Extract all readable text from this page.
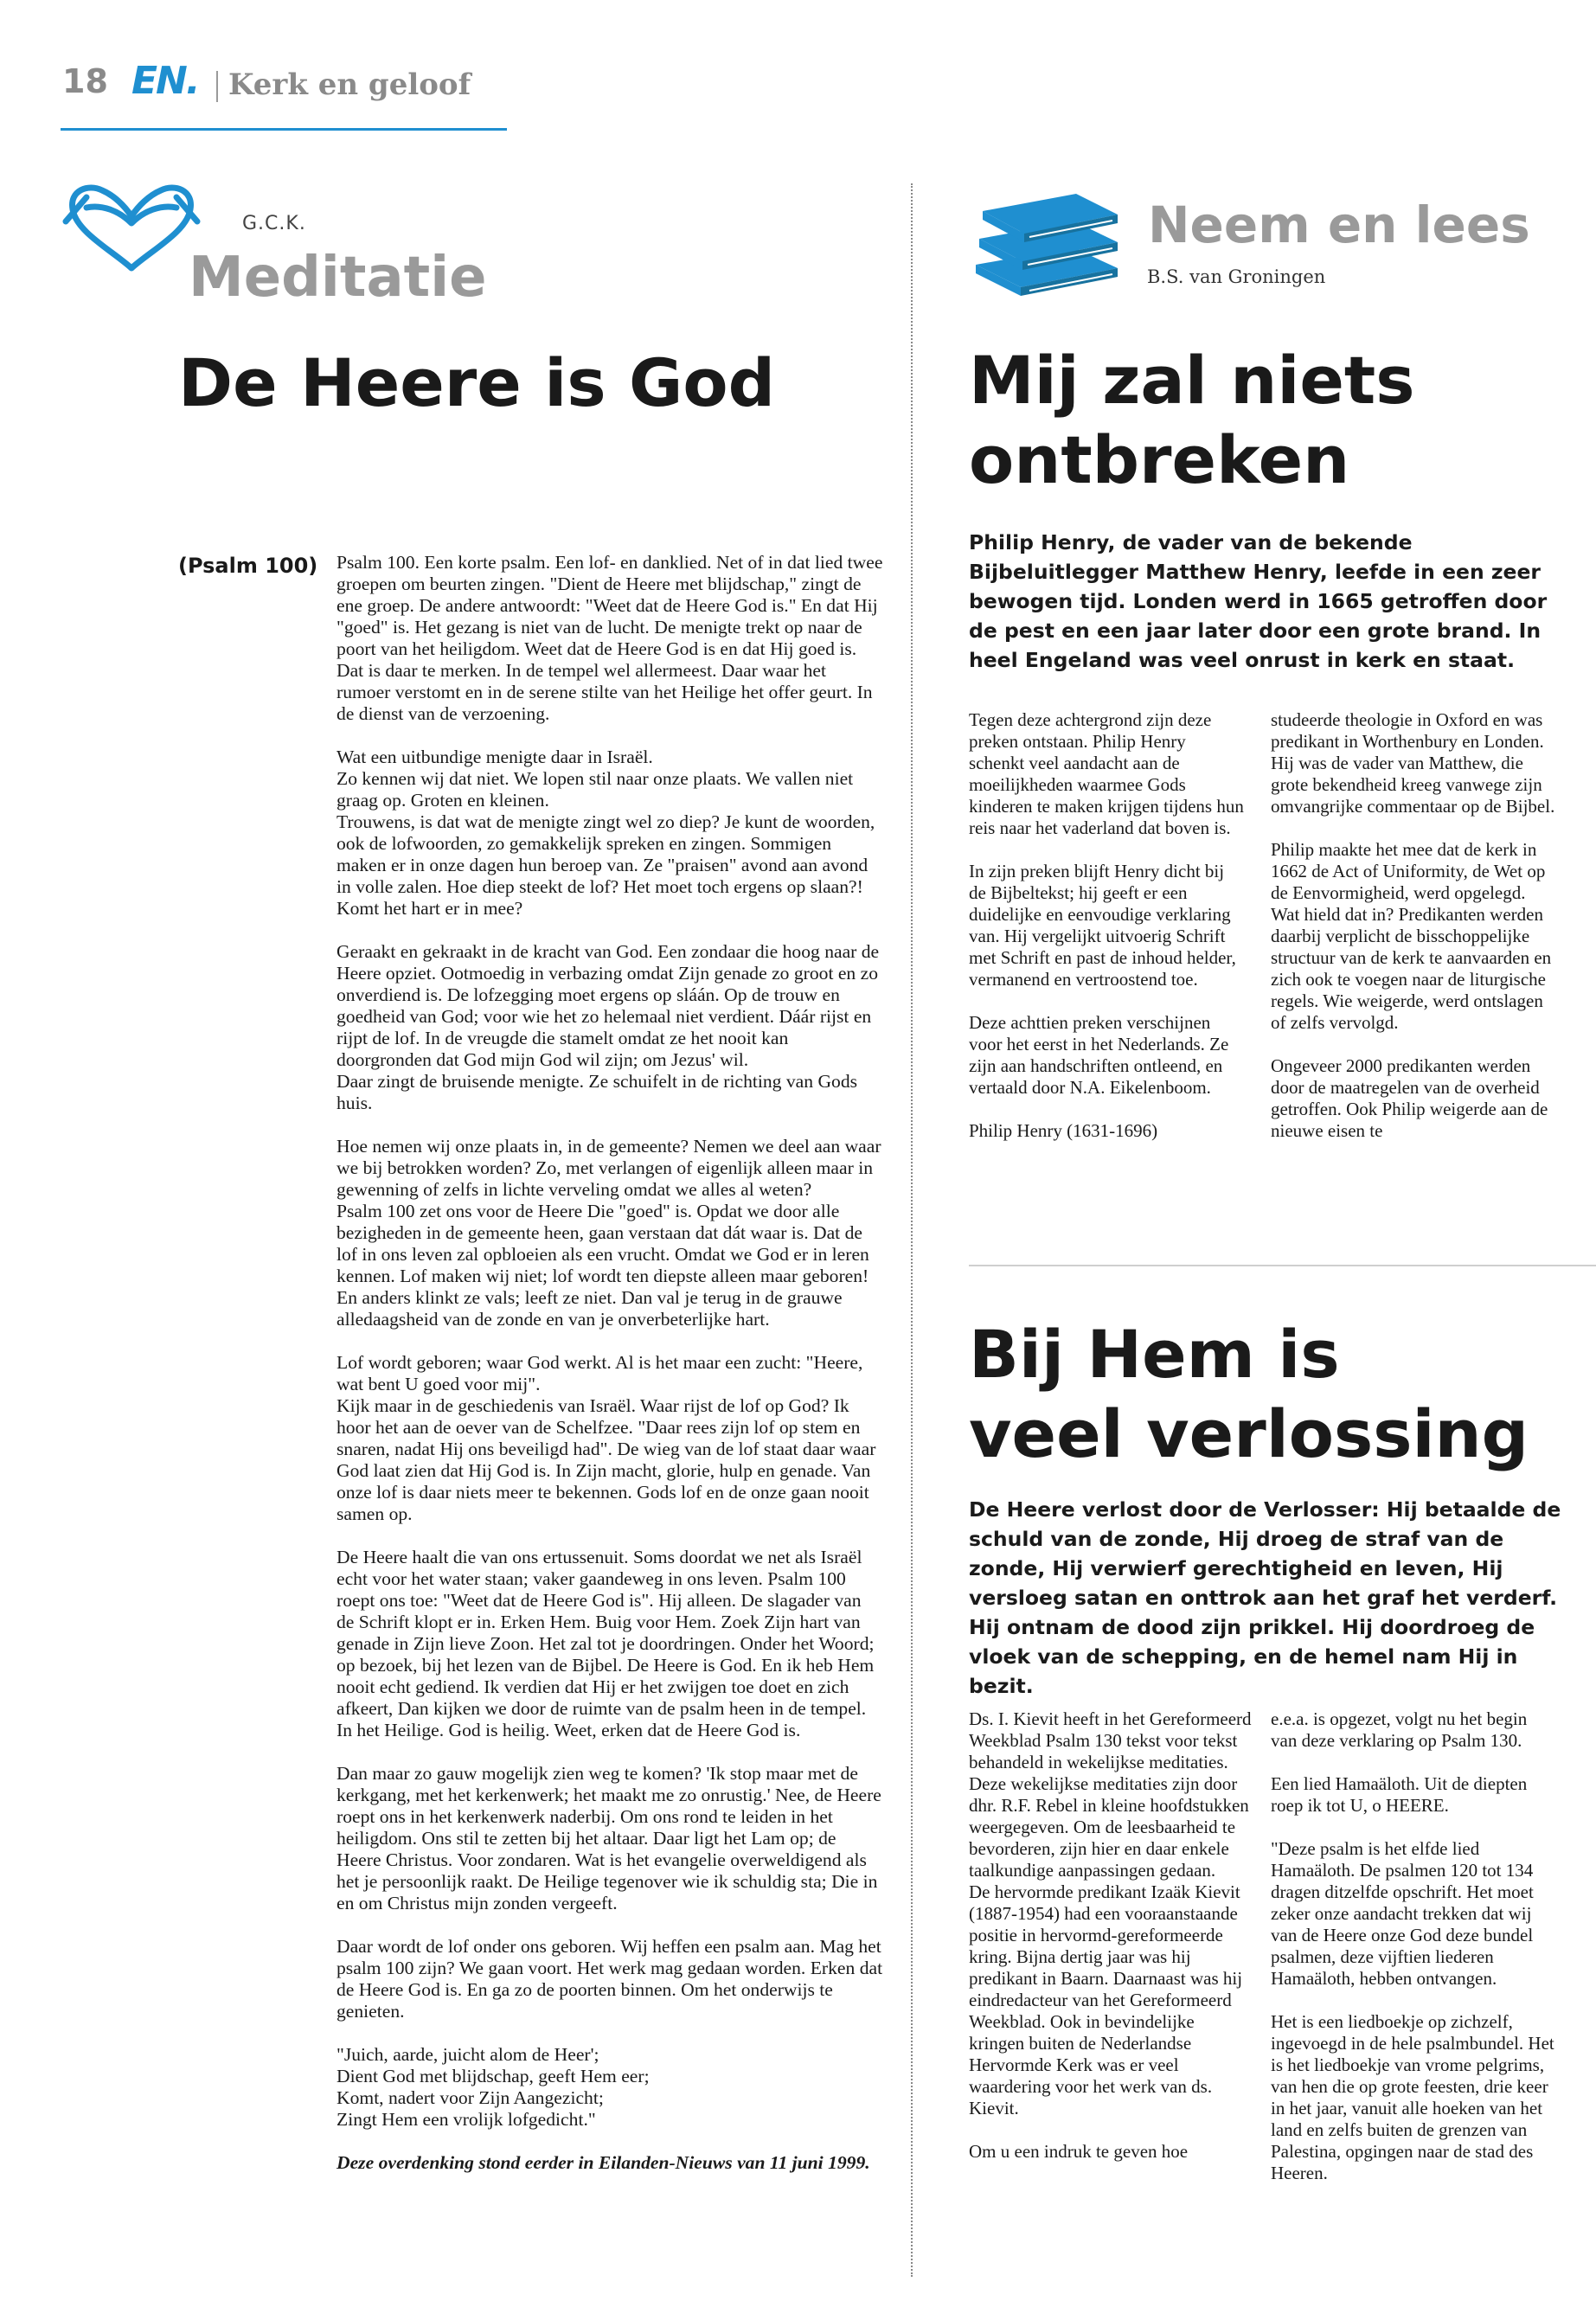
18 EN. Kerk en geloof
G.C.K.
Meditatie
De Heere is God
(Psalm 100) Psalm 100. Een korte psalm. Een lof- en danklied. Net of in dat lied twee groepen om beurten zingen. "Dient de Heere met blijdschap," zingt de ene groep. De andere antwoordt: "Weet dat de Heere God is." En dat Hij "goed" is. Het gezang is niet van de lucht. De menigte trekt op naar de poort van het heiligdom. Weet dat de Heere God is en dat Hij goed is. Dat is daar te merken. In de tempel wel allermeest. Daar waar het rumoer verstomt en in de serene stilte van het Heilige het offer geurt. In de dienst van de verzoening.

Wat een uitbundige menigte daar in Israël.
Zo kennen wij dat niet. We lopen stil naar onze plaats. We vallen niet graag op. Groten en kleinen.
Trouwens, is dat wat de menigte zingt wel zo diep? Je kunt de woorden, ook de lofwoorden, zo gemakkelijk spreken en zingen. Sommigen maken er in onze dagen hun beroep van. Ze "praisen" avond aan avond in volle zalen. Hoe diep steekt de lof? Het moet toch ergens op slaan?! Komt het hart er in mee?

Geraakt en gekraakt in de kracht van God. Een zondaar die hoog naar de Heere opziet. Ootmoedig in verbazing omdat Zijn genade zo groot en zo onverdiend is. De lofzegging moet ergens op sláán. Op de trouw en goedheid van God; voor wie het zo helemaal niet verdient. Dáár rijst en rijpt de lof. In de vreugde die stamelt omdat ze het nooit kan doorgronden dat God mijn God wil zijn; om Jezus' wil.
Daar zingt de bruisende menigte. Ze schuifelt in de richting van Gods huis.

Hoe nemen wij onze plaats in, in de gemeente? Nemen we deel aan waar we bij betrokken worden? Zo, met verlangen of eigenlijk alleen maar in gewenning of zelfs in lichte verveling omdat we alles al weten?
Psalm 100 zet ons voor de Heere Die "goed" is. Opdat we door alle bezigheden in de gemeente heen, gaan verstaan dat dát waar is. Dat de lof in ons leven zal opbloeien als een vrucht. Omdat we God er in leren kennen. Lof maken wij niet; lof wordt ten diepste alleen maar geboren! En anders klinkt ze vals; leeft ze niet. Dan val je terug in de grauwe alledaagsheid van de zonde en van je onverbeterlijke hart.

Lof wordt geboren; waar God werkt. Al is het maar een zucht: "Heere, wat bent U goed voor mij".
Kijk maar in de geschiedenis van Israël. Waar rijst de lof op God? Ik hoor het aan de oever van de Schelfzee. "Daar rees zijn lof op stem en snaren, nadat Hij ons beveiligd had". De wieg van de lof staat daar waar God laat zien dat Hij God is. In Zijn macht, glorie, hulp en genade. Van onze lof is daar niets meer te bekennen. Gods lof en de onze gaan nooit samen op.

De Heere haalt die van ons ertussenuit. Soms doordat we net als Israël echt voor het water staan; vaker gaandeweg in ons leven. Psalm 100 roept ons toe: "Weet dat de Heere God is". Hij alleen. De slagader van de Schrift klopt er in. Erken Hem. Buig voor Hem. Zoek Zijn hart van genade in Zijn lieve Zoon. Het zal tot je doordringen. Onder het Woord; op bezoek, bij het lezen van de Bijbel. De Heere is God. En ik heb Hem nooit echt gediend. Ik verdien dat Hij er het zwijgen toe doet en zich afkeert, Dan kijken we door de ruimte van de psalm heen in de tempel. In het Heilige. God is heilig. Weet, erken dat de Heere God is.

Dan maar zo gauw mogelijk zien weg te komen? 'Ik stop maar met de kerkgang, met het kerkenwerk; het maakt me zo onrustig.' Nee, de Heere roept ons in het kerkenwerk naderbij. Om ons rond te leiden in het heiligdom. Ons stil te zetten bij het altaar. Daar ligt het Lam op; de Heere Christus. Voor zondaren. Wat is het evangelie overweldigend als het je persoonlijk raakt. De Heilige tegenover wie ik schuldig sta; Die in en om Christus mijn zonden vergeeft.

Daar wordt de lof onder ons geboren. Wij heffen een psalm aan. Mag het psalm 100 zijn? We gaan voort. Het werk mag gedaan worden. Erken dat de Heere God is. En ga zo de poorten binnen. Om het onderwijs te genieten.

"Juich, aarde, juicht alom de Heer';
Dient God met blijdschap, geeft Hem eer;
Komt, nadert voor Zijn Aangezicht;
Zingt Hem een vrolijk lofgedicht."

Deze overdenking stond eerder in Eilanden-Nieuws van 11 juni 1999.

Neem en lees
B.S. van Groningen
Mij zal niets
ontbreken
Philip Henry, de vader van de bekende Bijbeluitlegger Matthew Henry, leefde in een zeer bewogen tijd. Londen werd in 1665 getroffen door de pest en een jaar later door een grote brand. In heel Engeland was veel onrust in kerk en staat.

Tegen deze achtergrond zijn deze preken ontstaan. Philip Henry schenkt veel aandacht aan de moeilijkheden waarmee Gods kinderen te maken krijgen tijdens hun reis naar het vaderland dat boven is.

In zijn preken blijft Henry dicht bij de Bijbeltekst; hij geeft er een duidelijke en eenvoudige verklaring van. Hij vergelijkt uitvoerig Schrift met Schrift en past de inhoud helder, vermanend en vertroostend toe.

Deze achttien preken verschijnen voor het eerst in het Nederlands. Ze zijn aan handschriften ontleend, en vertaald door N.A. Eikelenboom.

Philip Henry (1631-1696)

studeerde theologie in Oxford en was predikant in Worthenbury en Londen. Hij was de vader van Matthew, die grote bekendheid kreeg vanwege zijn omvangrijke commentaar op de Bijbel.

Philip maakte het mee dat de kerk in 1662 de Act of Uniformity, de Wet op de Eenvormigheid, werd opgelegd. Wat hield dat in? Predikanten werden daarbij verplicht de bisschoppelijke structuur van de kerk te aanvaarden en zich ook te voegen naar de liturgische regels. Wie weigerde, werd ontslagen of zelfs vervolgd.

Ongeveer 2000 predikanten werden door de maatregelen van de overheid getroffen. Ook Philip weigerde aan de nieuwe eisen te

Bij Hem is
veel verlossing
De Heere verlost door de Verlosser: Hij betaalde de schuld van de zonde, Hij droeg de straf van de zonde, Hij verwierf gerechtigheid en leven, Hij versloeg satan en onttrok aan het graf het verderf. Hij ontnam de dood zijn prikkel. Hij doordroeg de vloek van de schepping, en de hemel nam Hij in bezit.

Ds. I. Kievit heeft in het Gereformeerd Weekblad Psalm 130 tekst voor tekst behandeld in wekelijkse meditaties. Deze wekelijkse meditaties zijn door dhr. R.F. Rebel in kleine hoofdstukken weergegeven. Om de leesbaarheid te bevorderen, zijn hier en daar enkele taalkundige aanpassingen gedaan.
De hervormde predikant Izaäk Kievit (1887-1954) had een vooraanstaande positie in hervormd-gereformeerde kring. Bijna dertig jaar was hij predikant in Baarn. Daarnaast was hij eindredacteur van het Gereformeerd Weekblad. Ook in bevindelijke kringen buiten de Nederlandse Hervormde Kerk was er veel waardering voor het werk van ds. Kievit.

Om u een indruk te geven hoe

e.e.a. is opgezet, volgt nu het begin van deze verklaring op Psalm 130.

Een lied Hamaäloth. Uit de diepten roep ik tot U, o HEERE.

"Deze psalm is het elfde lied Hamaäloth. De psalmen 120 tot 134 dragen ditzelfde opschrift. Het moet zeker onze aandacht trekken dat wij van de Heere onze God deze bundel psalmen, deze vijftien liederen Hamaäloth, hebben ontvangen.

Het is een liedboekje op zichzelf, ingevoegd in de hele psalmbundel. Het is het liedboekje van vrome pelgrims, van hen die op grote feesten, drie keer in het jaar, vanuit alle hoeken van het land en zelfs buiten de grenzen van Palestina, opgingen naar de stad des Heeren.
